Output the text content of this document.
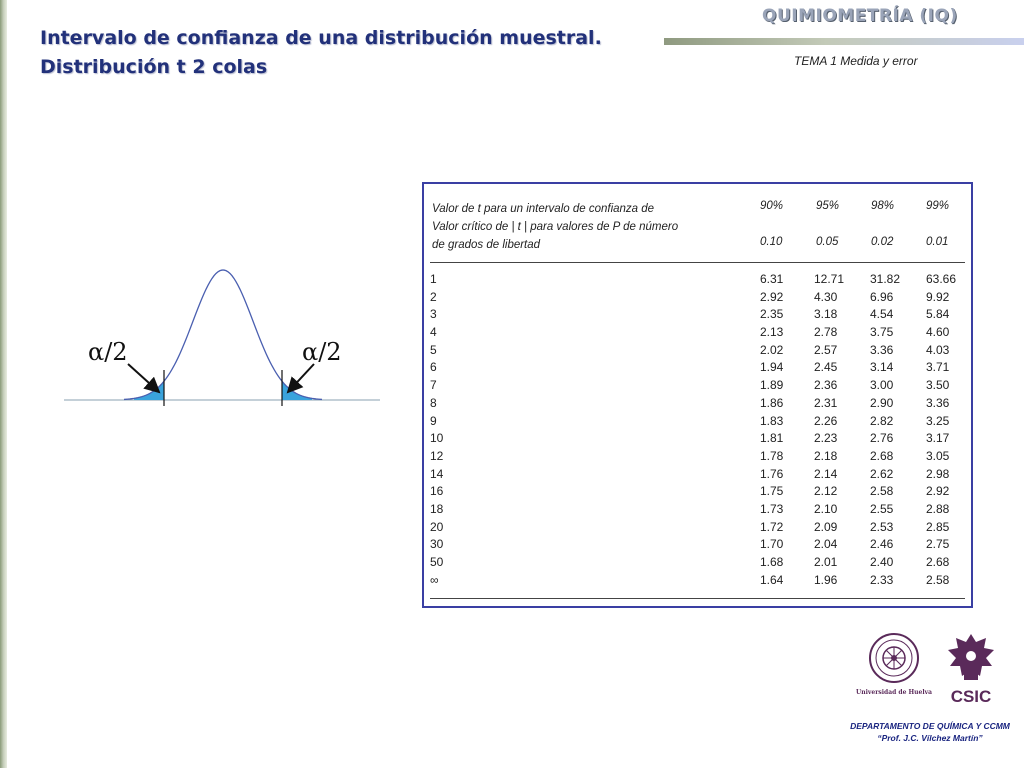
Intervalo de confianza de una distribución muestral.
Distribución t 2 colas
QUIMIOMETRÍA (IQ)
TEMA 1 Medida y error
α/2	α/2
Valor de t para un intervalo de confianza de
Valor crítico de | t | para valores de P de número
de grados de libertad
90%	95%	98%	99%
0.10	0.05	0.02	0.01
1	6.31	12.71 31.82 63.66
2	2.92	4.30	6.96	9.92
3	2.35	3.18	4.54	5.84
4	2.13	2.78	3.75	4.60
5	2.02	2.57	3.36	4.03
6	1.94	2.45	3.14	3.71
7	1.89	2.36	3.00	3.50
8	1.86	2.31	2.90	3.36
9	1.83	2.26	2.82	3.25
10	1.81	2.23	2.76	3.17
12	1.78	2.18	2.68	3.05
14	1.76	2.14	2.62	2.98
16	1.75	2.12	2.58	2.92
18	1.73	2.10	2.55	2.88
20	1.72	2.09	2.53	2.85
30	1.70	2.04	2.46	2.75
50	1.68	2.01	2.40	2.68
∞	1.64	1.96	2.33	2.58
Universidad de Huelva CSIC
DEPARTAMENTO DE QUÍMICA Y CCMM
“Prof. J.C. Vílchez Martín”
